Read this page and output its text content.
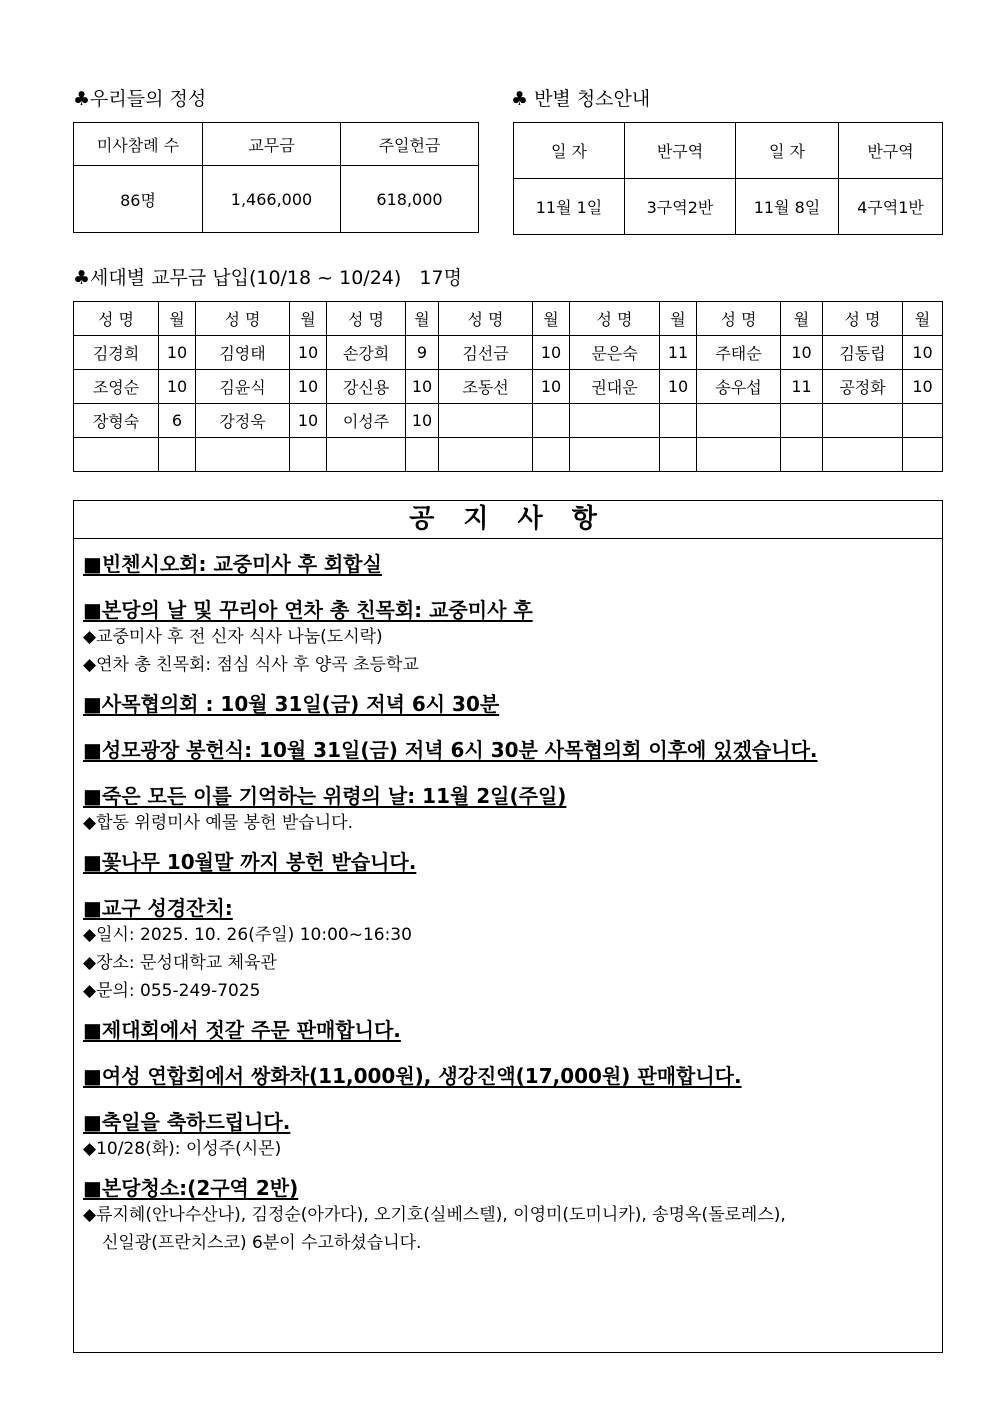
♣우리들의 정성
미사참례 수	교무금	주일헌금
86명	1,466,000	618,000
♣ 반별 청소안내
일 자	반구역	일 자	반구역
11월 1일	3구역2반	11월 8일	4구역1반
♣세대별 교무금 납입(10/18 ~ 10/24)   17명
성 명	월	성 명	월	성 명	월	성 명	월	성 명	월	성 명	월	성 명	월
김경희	10	김영태	10	손강희	9	김선금	10	문은숙	11	주태순	10	김동립	10
조영순	10	김윤식	10	강신용	10	조동선	10	권대운	10	송우섭	11	공정화	10
장형숙	6	강정욱	10	이성주	10								

공 지 사 항
■빈첸시오회: 교중미사 후 회합실
■본당의 날 및 꾸리아 연차 총 친목회: 교중미사 후
◆교중미사 후 전 신자 식사 나눔(도시락)
◆연차 총 친목회: 점심 식사 후 양곡 초등학교
■사목협의회 : 10월 31일(금) 저녁 6시 30분
■성모광장 봉헌식: 10월 31일(금) 저녁 6시 30분 사목협의회 이후에 있겠습니다.
■죽은 모든 이를 기억하는 위령의 날: 11월 2일(주일)
◆합동 위령미사 예물 봉헌 받습니다.
■꽃나무 10월말 까지 봉헌 받습니다.
■교구 성경잔치:
◆일시: 2025. 10. 26(주일) 10:00~16:30
◆장소: 문성대학교 체육관
◆문의: 055-249-7025
■제대회에서 젓갈 주문 판매합니다.
■여성 연합회에서 쌍화차(11,000원), 생강진액(17,000원) 판매합니다.
■축일을 축하드립니다.
◆10/28(화): 이성주(시몬)
■본당청소:(2구역 2반)
◆류지혜(안나수산나), 김정순(아가다), 오기호(실베스텔), 이영미(도미니카), 송명옥(돌로레스),
신일광(프란치스코) 6분이 수고하셨습니다.
